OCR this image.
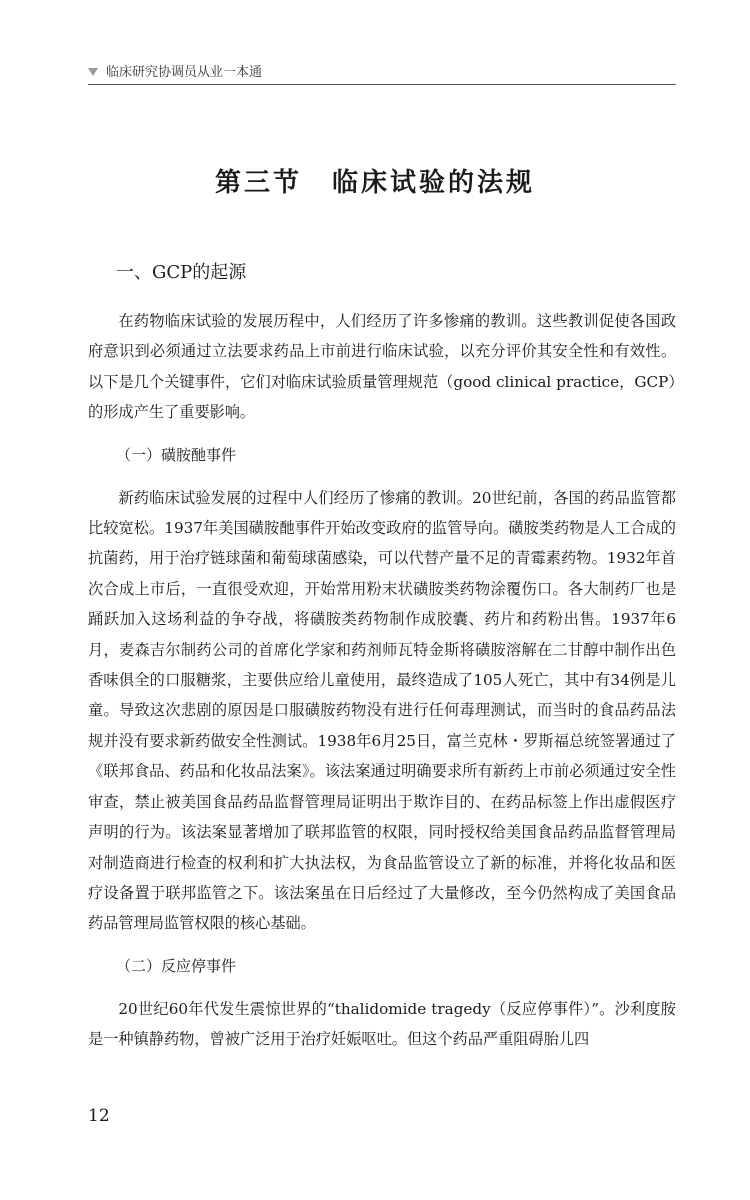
临床研究协调员从业一本通
第三节 临床试验的法规
一、GCP的起源

在药物临床试验的发展历程中，人们经历了许多惨痛的教训。这些教训促使各国政府意识到必须通过立法要求药品上市前进行临床试验，以充分评价其安全性和有效性。以下是几个关键事件，它们对临床试验质量管理规范（good clinical practice，GCP）的形成产生了重要影响。

（一）磺胺酏事件

新药临床试验发展的过程中人们经历了惨痛的教训。20世纪前，各国的药品监管都比较宽松。1937年美国磺胺酏事件开始改变政府的监管导向。磺胺类药物是人工合成的抗菌药，用于治疗链球菌和葡萄球菌感染，可以代替产量不足的青霉素药物。1932年首次合成上市后，一直很受欢迎，开始常用粉末状磺胺类药物涂覆伤口。各大制药厂也是踊跃加入这场利益的争夺战，将磺胺类药物制作成胶囊、药片和药粉出售。1937年6月，麦森吉尔制药公司的首席化学家和药剂师瓦特金斯将磺胺溶解在二甘醇中制作出色香味俱全的口服糖浆，主要供应给儿童使用，最终造成了105人死亡，其中有34例是儿童。导致这次悲剧的原因是口服磺胺药物没有进行任何毒理测试，而当时的食品药品法规并没有要求新药做安全性测试。1938年6月25日，富兰克林・罗斯福总统签署通过了《联邦食品、药品和化妆品法案》。该法案通过明确要求所有新药上市前必须通过安全性审查，禁止被美国食品药品监督管理局证明出于欺诈目的、在药品标签上作出虚假医疗声明的行为。该法案显著增加了联邦监管的权限，同时授权给美国食品药品监督管理局对制造商进行检查的权利和扩大执法权，为食品监管设立了新的标准，并将化妆品和医疗设备置于联邦监管之下。该法案虽在日后经过了大量修改，至今仍然构成了美国食品药品管理局监管权限的核心基础。

（二）反应停事件

20世纪60年代发生震惊世界的“thalidomide tragedy（反应停事件）”。沙利度胺是一种镇静药物，曾被广泛用于治疗妊娠呕吐。但这个药品严重阻碍胎儿四

12
